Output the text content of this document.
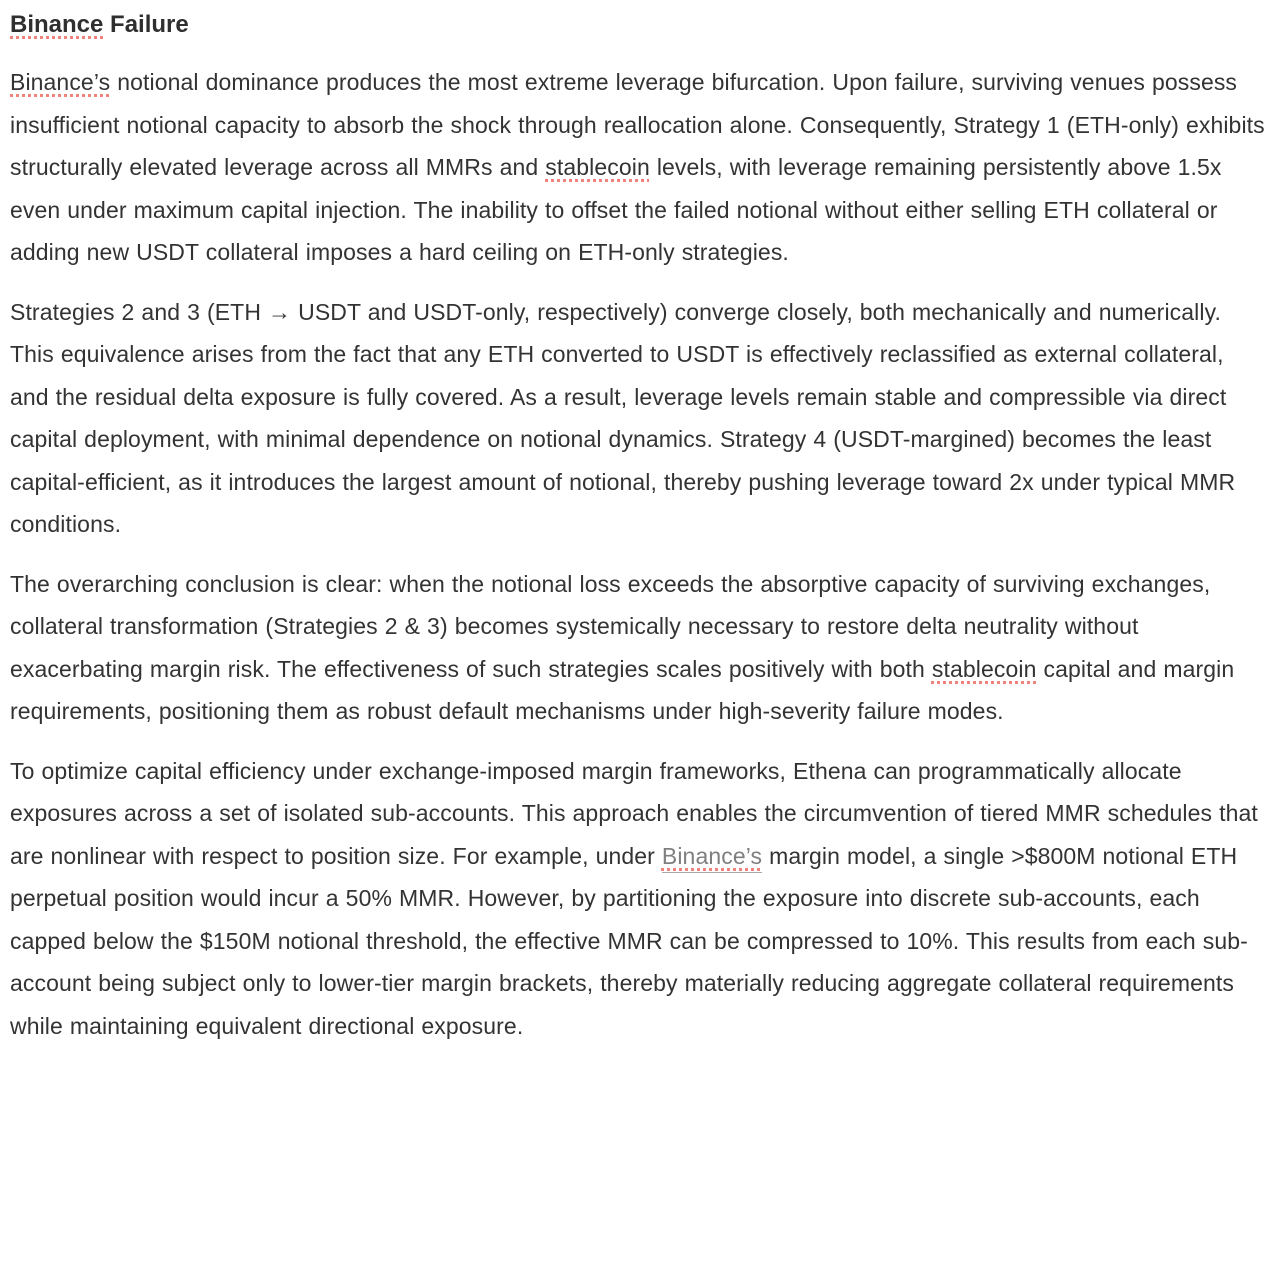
Binance Failure

Binance’s notional dominance produces the most extreme leverage bifurcation. Upon failure, surviving venues possess insufficient notional capacity to absorb the shock through reallocation alone. Consequently, Strategy 1 (ETH-only) exhibits structurally elevated leverage across all MMRs and stablecoin levels, with leverage remaining persistently above 1.5x even under maximum capital injection. The inability to offset the failed notional without either selling ETH collateral or adding new USDT collateral imposes a hard ceiling on ETH-only strategies.

Strategies 2 and 3 (ETH → USDT and USDT-only, respectively) converge closely, both mechanically and numerically. This equivalence arises from the fact that any ETH converted to USDT is effectively reclassified as external collateral, and the residual delta exposure is fully covered. As a result, leverage levels remain stable and compressible via direct capital deployment, with minimal dependence on notional dynamics. Strategy 4 (USDT-margined) becomes the least capital-efficient, as it introduces the largest amount of notional, thereby pushing leverage toward 2x under typical MMR conditions.

The overarching conclusion is clear: when the notional loss exceeds the absorptive capacity of surviving exchanges, collateral transformation (Strategies 2 & 3) becomes systemically necessary to restore delta neutrality without exacerbating margin risk. The effectiveness of such strategies scales positively with both stablecoin capital and margin requirements, positioning them as robust default mechanisms under high-severity failure modes.

To optimize capital efficiency under exchange-imposed margin frameworks, Ethena can programmatically allocate exposures across a set of isolated sub-accounts. This approach enables the circumvention of tiered MMR schedules that are nonlinear with respect to position size. For example, under Binance’s margin model, a single >$800M notional ETH perpetual position would incur a 50% MMR. However, by partitioning the exposure into discrete sub-accounts, each capped below the $150M notional threshold, the effective MMR can be compressed to 10%. This results from each sub-account being subject only to lower-tier margin brackets, thereby materially reducing aggregate collateral requirements while maintaining equivalent directional exposure.
